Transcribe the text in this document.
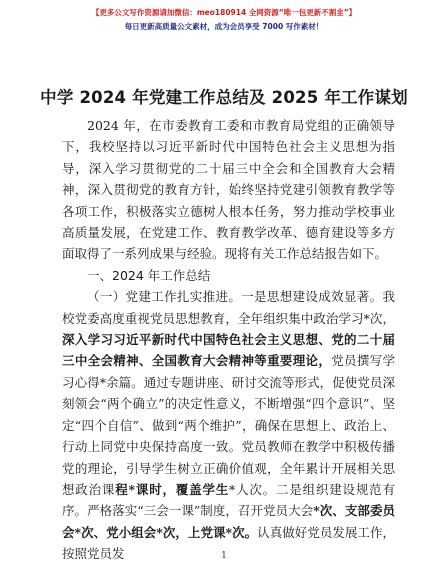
【更多公文写作资源请加微信：meo180914 全网资源“唯一包更新不割韭”】
每日更新高质量公文素材，成为会员享受 7000 写作素材！
中学 2024 年党建工作总结及 2025 年工作谋划

2024 年，在市委教育工委和市教育局党组的正确领导下，我校坚持以习近平新时代中国特色社会主义思想为指导，深入学习贯彻党的二十届三中全会和全国教育大会精神，深入贯彻党的教育方针，始终坚持党建引领教育教学等各项工作，积极落实立德树人根本任务，努力推动学校事业高质量发展，在党建工作、教育教学改革、德育建设等多方面取得了一系列成果与经验。现将有关工作总结报告如下。

一、2024 年工作总结

（一）党建工作扎实推进。一是思想建设成效显著。我校党委高度重视党员思想教育，全年组织集中政治学习*次，深入学习习近平新时代中国特色社会主义思想、党的二十届三中全会精神、全国教育大会精神等重要理论，党员撰写学习心得*余篇。通过专题讲座、研讨交流等形式，促使党员深刻领会“两个确立”的决定性意义，不断增强“四个意识”、坚定“四个自信”、做到“两个维护”，确保在思想上、政治上、行动上同党中央保持高度一致。党员教师在教学中积极传播党的理论，引导学生树立正确价值观，全年累计开展相关思想政治课程*课时，覆盖学生*人次。二是组织建设规范有序。严格落实“三会一课”制度，召开党员大会*次、支部委员会*次、党小组会*次，上党课*次。认真做好党员发展工作，按照党员发	1
